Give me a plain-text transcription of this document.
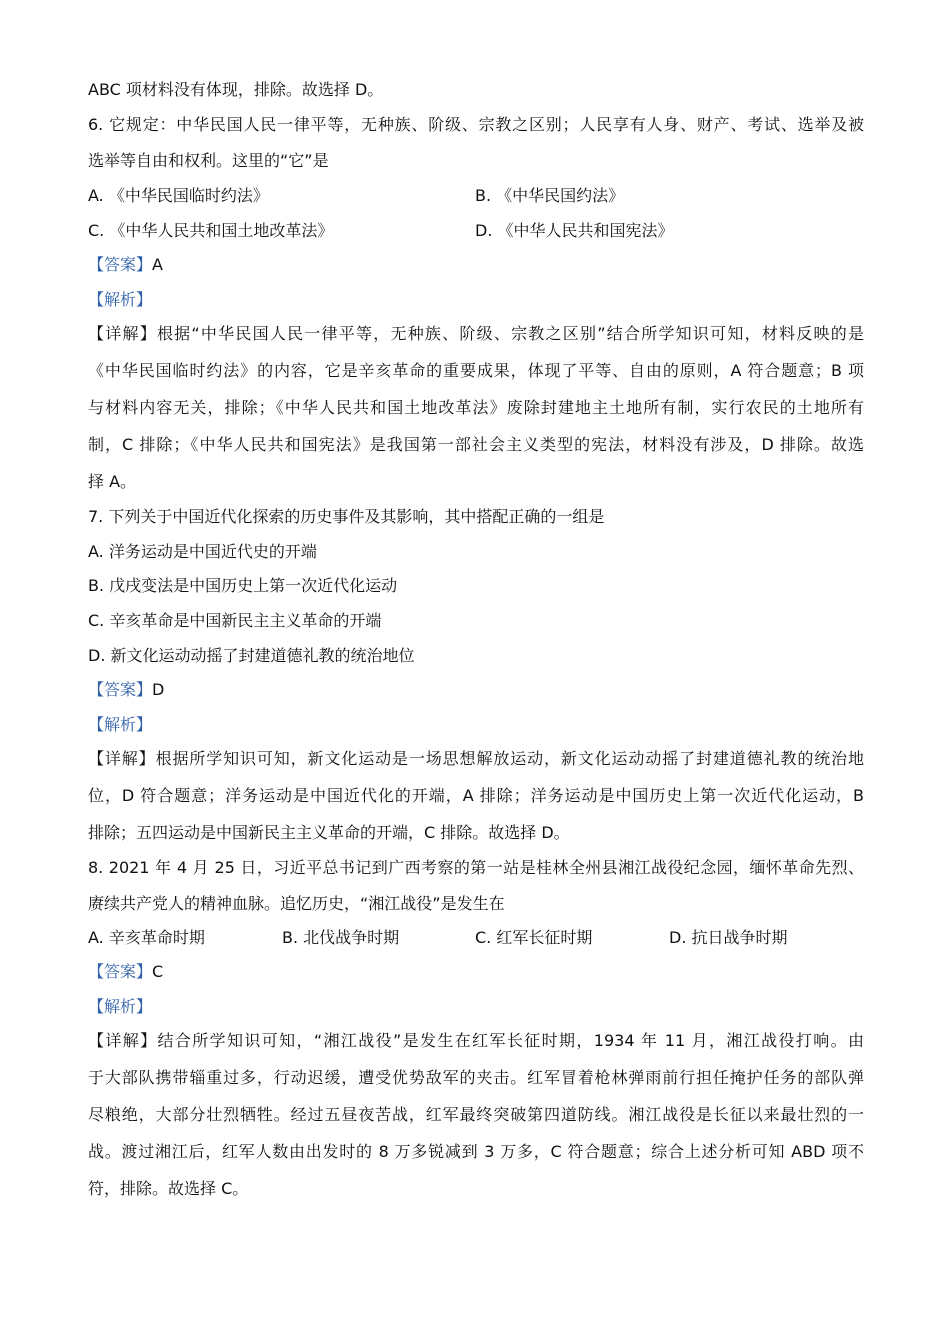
ABC 项材料没有体现，排除。故选择 D。
6. 它规定：中华民国人民一律平等，无种族、阶级、宗教之区别；人民享有人身、财产、考试、选举及被
选举等自由和权利。这里的“它”是
A. 《中华民国临时约法》	B. 《中华民国约法》
C. 《中华人民共和国土地改革法》	D. 《中华人民共和国宪法》
【答案】A
【解析】
【详解】根据“中华民国人民一律平等，无种族、阶级、宗教之区别”结合所学知识可知，材料反映的是
《中华民国临时约法》的内容，它是辛亥革命的重要成果，体现了平等、自由的原则，A 符合题意；B 项
与材料内容无关，排除；《中华人民共和国土地改革法》废除封建地主土地所有制，实行农民的土地所有
制，C 排除；《中华人民共和国宪法》是我国第一部社会主义类型的宪法，材料没有涉及，D 排除。故选
择 A。
7. 下列关于中国近代化探索的历史事件及其影响，其中搭配正确的一组是
A. 洋务运动是中国近代史的开端
B. 戊戌变法是中国历史上第一次近代化运动
C. 辛亥革命是中国新民主主义革命的开端
D. 新文化运动动摇了封建道德礼教的统治地位
【答案】D
【解析】
【详解】根据所学知识可知，新文化运动是一场思想解放运动，新文化运动动摇了封建道德礼教的统治地
位，D 符合题意；洋务运动是中国近代化的开端，A 排除；洋务运动是中国历史上第一次近代化运动，B
排除；五四运动是中国新民主主义革命的开端，C 排除。故选择 D。
8. 2021 年 4 月 25 日，习近平总书记到广西考察的第一站是桂林全州县湘江战役纪念园，缅怀革命先烈、
赓续共产党人的精神血脉。追忆历史，“湘江战役”是发生在
A. 辛亥革命时期	B. 北伐战争时期	C. 红军长征时期	D. 抗日战争时期
【答案】C
【解析】
【详解】结合所学知识可知，“湘江战役”是发生在红军长征时期，1934 年 11 月，湘江战役打响。由
于大部队携带辎重过多，行动迟缓，遭受优势敌军的夹击。红军冒着枪林弹雨前行担任掩护任务的部队弹
尽粮绝，大部分壮烈牺牲。经过五昼夜苦战，红军最终突破第四道防线。湘江战役是长征以来最壮烈的一
战。渡过湘江后，红军人数由出发时的 8 万多锐减到 3 万多，C 符合题意；综合上述分析可知 ABD 项不
符，排除。故选择 C。
